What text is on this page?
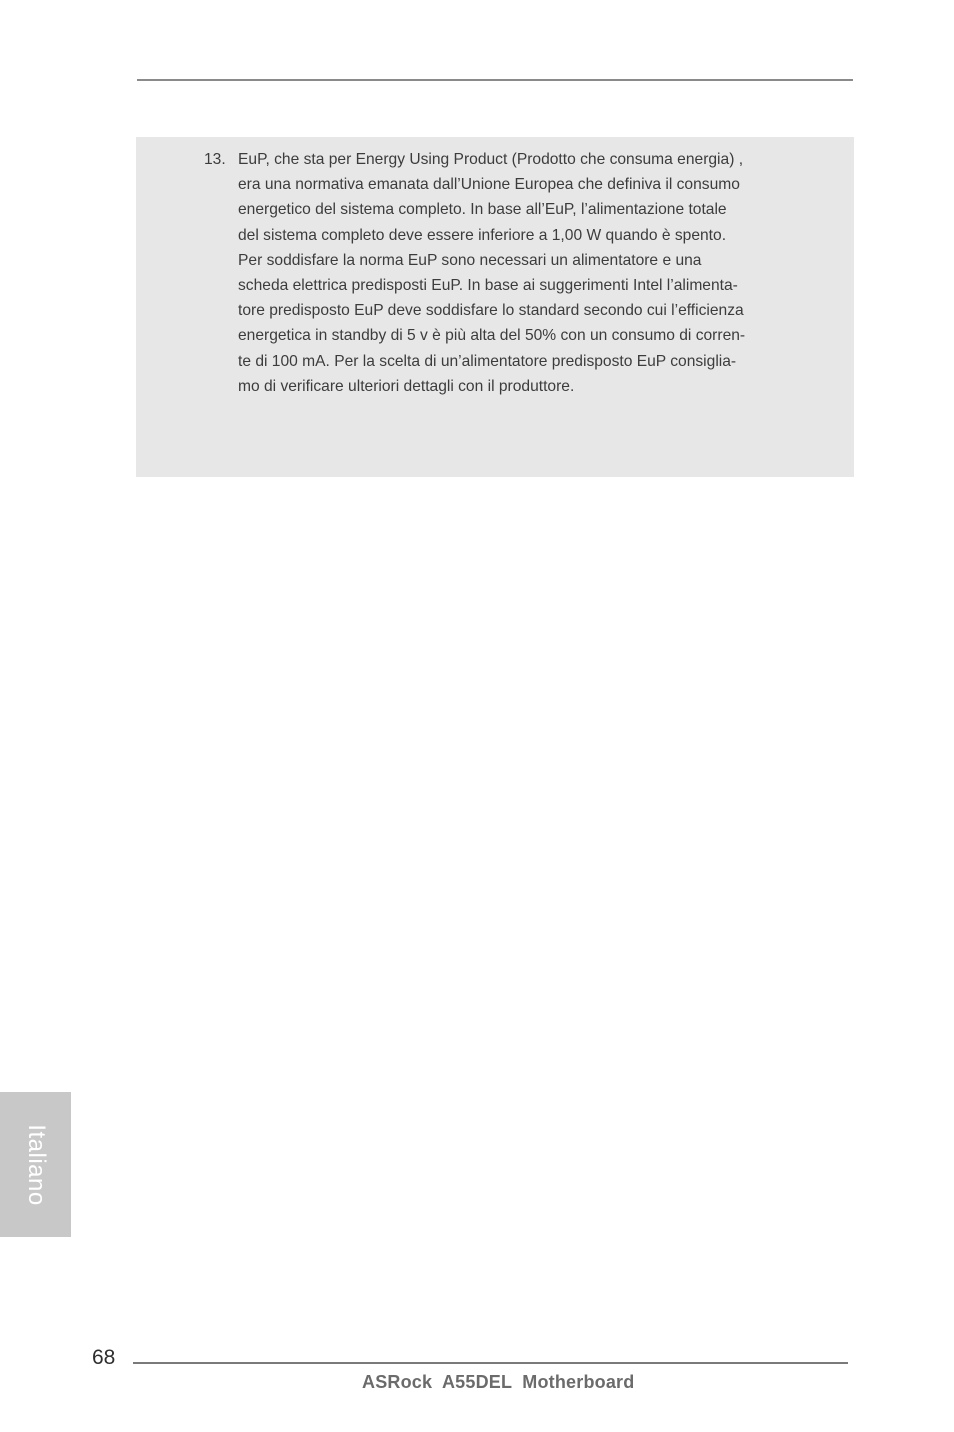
13. EuP, che sta per Energy Using Product (Prodotto che consuma energia) ,
era una normativa emanata dall’Unione Europea che definiva il consumo
energetico del sistema completo. In base all’EuP, l’alimentazione totale
del sistema completo deve essere inferiore a 1,00 W quando è spento.
Per soddisfare la norma EuP sono necessari un alimentatore e una
scheda elettrica predisposti EuP. In base ai suggerimenti Intel l’alimenta-
tore predisposto EuP deve soddisfare lo standard secondo cui l’efficienza
energetica in standby di 5 v è più alta del 50% con un consumo di corren-
te di 100 mA. Per la scelta di un’alimentatore predisposto EuP consiglia-
mo di verificare ulteriori dettagli con il produttore.
Italiano
68
ASRock  A55DEL  Motherboard
